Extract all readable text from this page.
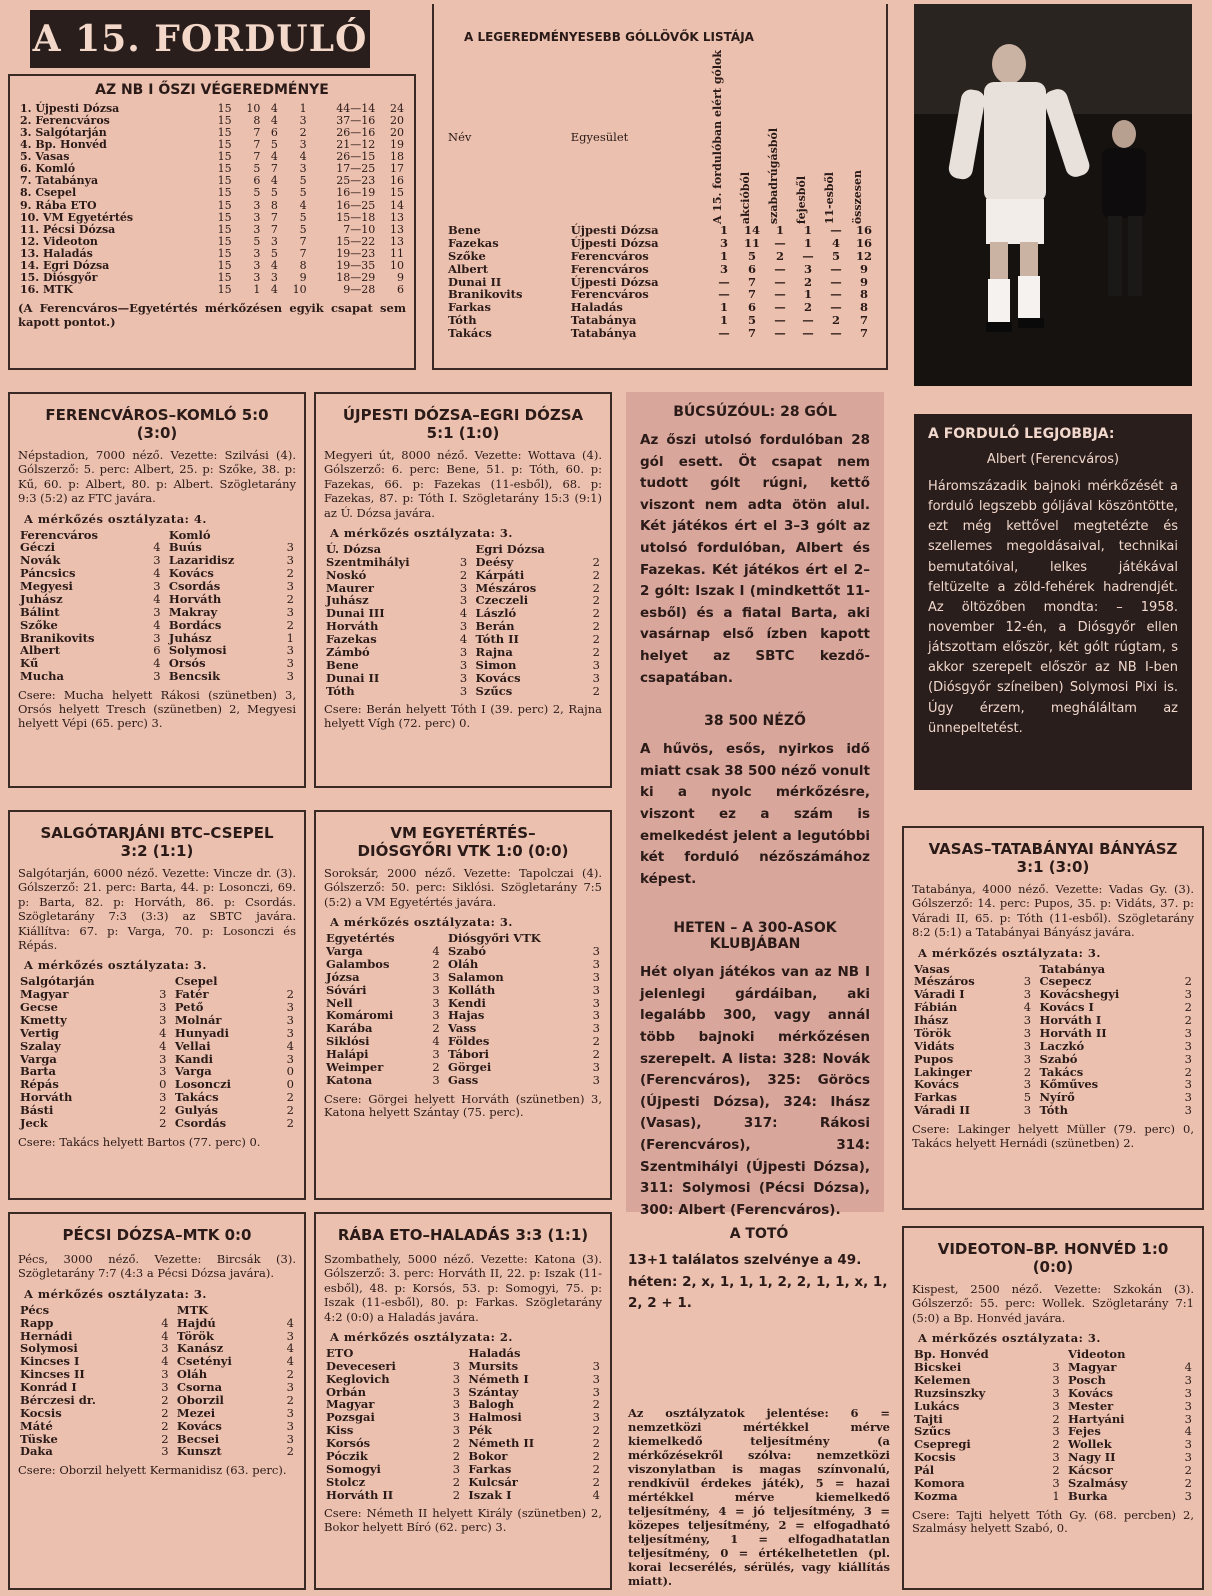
A 15. FORDULÓ
AZ NB I ŐSZI VÉGEREDMÉNYE
1. Újpesti Dózsa	15	10	4	1	44—14	24
2. Ferencváros	15	8	4	3	37—16	20
3. Salgótarján	15	7	6	2	26—16	20
4. Bp. Honvéd	15	7	5	3	21—12	19
5. Vasas	15	7	4	4	26—15	18
6. Komló	15	5	7	3	17—25	17
7. Tatabánya	15	6	4	5	25—23	16
8. Csepel	15	5	5	5	16—19	15
9. Rába ETO	15	3	8	4	16—25	14
10. VM Egyetértés	15	3	7	5	15—18	13
11. Pécsi Dózsa	15	3	7	5	7—10	13
12. Videoton	15	5	3	7	15—22	13
13. Haladás	15	3	5	7	19—23	11
14. Egri Dózsa	15	3	4	8	19—35	10
15. Diósgyőr	15	3	3	9	18—29	9
16. MTK	15	1	4	10	9—28	6
(A Ferencváros—Egyetértés mérkőzésen egyik csapat sem kapott pontot.)
A LEGEREDMÉNYESEBB GÓLLÖVŐK LISTÁJA
Név	Egyesület	A 15. fordulóban elért gólok	akcióból	szabadrúgásból	fejesből	11-esből	összesen

Bene	Újpesti Dózsa	1	14	1	1	—	16
Fazekas	Újpesti Dózsa	3	11	—	1	4	16
Szőke	Ferencváros	1	5	2	—	5	12
Albert	Ferencváros	3	6	—	3	—	9
Dunai II	Újpesti Dózsa	—	7	—	2	—	9
Branikovits	Ferencváros	—	7	—	1	—	8
Farkas	Haladás	1	6	—	2	—	8
Tóth	Tatabánya	1	5	—	—	2	7
Takács	Tatabánya	—	7	—	—	—	7
A FORDULÓ LEGJOBBJA:
Albert (Ferencváros)

Háromszázadik bajnoki mérkőzését a forduló legszebb góljával köszöntötte, ezt még kettővel megtetézte és szellemes megoldásaival, technikai bemutatóival, lelkes játékával feltüzelte a zöld-fehérek hadrendjét. Az öltözőben mondta: – 1958. november 12-én, a Diósgyőr ellen játszottam először, két gólt rúgtam, s akkor szerepelt először az NB I-ben (Diósgyőr színeiben) Solymosi Pixi is. Úgy érzem, megháláltam az ünnepeltetést.

BÚCSÚZÓUL: 28 GÓL

Az őszi utolsó fordulóban 28 gól esett. Öt csapat nem tudott gólt rúgni, kettő viszont nem adta ötön alul. Két játékos ért el 3–3 gólt az utolsó fordulóban, Albert és Fazekas. Két játékos ért el 2–2 gólt: Iszak I (mindkettőt 11-esből) és a fiatal Barta, aki vasárnap első ízben kapott helyet az SBTC kezdő-csapatában.

38 500 NÉZŐ

A hűvös, esős, nyirkos idő miatt csak 38 500 néző vonult ki a nyolc mérkőzésre, viszont ez a szám is emelkedést jelent a legutóbbi két forduló nézőszámához képest.

HETEN – A 300-ASOK KLUBJÁBAN

Hét olyan játékos van az NB I jelenlegi gárdáiban, aki legalább 300, vagy annál több bajnoki mérkőzésen szerepelt. A lista: 328: Novák (Ferencváros), 325: Göröcs (Újpesti Dózsa), 324: Ihász (Vasas), 317: Rákosi (Ferencváros), 314: Szentmihályi (Újpesti Dózsa), 311: Solymosi (Pécsi Dózsa), 300: Albert (Ferencváros).

A TOTÓ
13+1 találatos szelvénye a 49. héten: 2, x, 1, 1, 1, 2, 2, 1, 1, x, 1, 2, 2 + 1.
Az osztályzatok jelentése: 6 = nemzetközi mértékkel mérve kiemelkedő teljesítmény (a mérkőzésekről szólva: nemzetközi viszonylatban is magas színvonalú, rendkívül érdekes játék), 5 = hazai mértékkel mérve kiemelkedő teljesítmény, 4 = jó teljesítmény, 3 = közepes teljesítmény, 2 = elfogadható teljesítmény, 1 = elfogadhatatlan teljesítmény, 0 = értékelhetetlen (pl. korai lecserélés, sérülés, vagy kiállítás miatt).
FERENCVÁROS–KOMLÓ 5:0
(3:0)
Népstadion, 7000 néző. Vezette: Szilvási (4). Gólszerző: 5. perc: Albert, 25. p: Szőke, 38. p: Kű, 60. p: Albert, 80. p: Albert. Szögletarány 9:3 (5:2) az FTC javára.
A mérkőzés osztályzata: 4.
Ferencváros		Komló	
Géczi	4	Buús	3
Novák	3	Lazaridisz	3
Páncsics	4	Kovács	2
Megyesi	3	Csordás	3
Juhász	4	Horváth	2
Bálint	3	Makray	3
Szőke	4	Bordács	2
Branikovits	3	Juhász	1
Albert	6	Solymosi	3
Kű	4	Orsós	3
Mucha	3	Bencsik	3
Csere: Mucha helyett Rákosi (szünetben) 3, Orsós helyett Tresch (szünetben) 2, Megyesi helyett Vépi (65. perc) 3.
ÚJPESTI DÓZSA–EGRI DÓZSA
5:1 (1:0)
Megyeri út, 8000 néző. Vezette: Wottava (4). Gólszerző: 6. perc: Bene, 51. p: Tóth, 60. p: Fazekas, 66. p: Fazekas (11-esből), 68. p: Fazekas, 87. p: Tóth I. Szögletarány 15:3 (9:1) az Ú. Dózsa javára.
A mérkőzés osztályzata: 3.
Ú. Dózsa		Egri Dózsa	
Szentmihályi	3	Deésy	2
Noskó	2	Kárpáti	2
Maurer	3	Mészáros	2
Juhász	3	Czeczeli	2
Dunai III	4	László	2
Horváth	3	Berán	2
Fazekas	4	Tóth II	2
Zámbó	3	Rajna	2
Bene	3	Simon	3
Dunai II	3	Kovács	3
Tóth	3	Szűcs	2
Csere: Berán helyett Tóth I (39. perc) 2, Rajna helyett Vígh (72. perc) 0.
SALGÓTARJÁNI BTC–CSEPEL
3:2 (1:1)
Salgótarján, 6000 néző. Vezette: Vincze dr. (3). Gólszerző: 21. perc: Barta, 44. p: Losonczi, 69. p: Barta, 82. p: Horváth, 86. p: Csordás. Szögletarány 7:3 (3:3) az SBTC javára. Kiállítva: 67. p: Varga, 70. p: Losonczi és Répás.
A mérkőzés osztályzata: 3.
Salgótarján		Csepel	
Magyar	3	Fatér	2
Gecse	3	Pető	3
Kmetty	3	Molnár	3
Vertig	4	Hunyadi	3
Szalay	4	Vellai	4
Varga	3	Kandi	3
Barta	3	Varga	0
Répás	0	Losonczi	0
Horváth	3	Takács	2
Básti	2	Gulyás	2
Jeck	2	Csordás	2
Csere: Takács helyett Bartos (77. perc) 0.
VM EGYETÉRTÉS–
DIÓSGYŐRI VTK 1:0 (0:0)
Soroksár, 2000 néző. Vezette: Tapolczai (4). Gólszerző: 50. perc: Siklósi. Szögletarány 7:5 (5:2) a VM Egyetértés javára.
A mérkőzés osztályzata: 3.
Egyetértés		Diósgyőri VTK	
Varga	4	Szabó	3
Galambos	2	Oláh	3
Józsa	3	Salamon	3
Sóvári	3	Kolláth	3
Nell	3	Kendi	3
Komáromi	3	Hajas	3
Karába	2	Vass	3
Siklósi	4	Földes	2
Halápi	3	Tábori	2
Weimper	2	Görgei	3
Katona	3	Gass	3
Csere: Görgei helyett Horváth (szünetben) 3, Katona helyett Szántay (75. perc).
PÉCSI DÓZSA–MTK 0:0
Pécs, 3000 néző. Vezette: Bircsák (3). Szögletarány 7:7 (4:3 a Pécsi Dózsa javára).
A mérkőzés osztályzata: 3.
Pécs		MTK	
Rapp	4	Hajdú	4
Hernádi	4	Török	3
Solymosi	3	Kanász	4
Kincses I	4	Csetényi	4
Kincses II	3	Oláh	2
Konrád I	3	Csorna	3
Bérczesi dr.	2	Oborzil	2
Kocsis	2	Mezei	3
Máté	2	Kovács	3
Tüske	2	Becsei	3
Daka	3	Kunszt	2
Csere: Oborzil helyett Kermanidisz (63. perc).
RÁBA ETO–HALADÁS 3:3 (1:1)
Szombathely, 5000 néző. Vezette: Katona (3). Gólszerző: 3. perc: Horváth II, 22. p: Iszak (11-esből), 48. p: Korsós, 53. p: Somogyi, 75. p: Iszak (11-esből), 80. p: Farkas. Szögletarány 4:2 (0:0) a Haladás javára.
A mérkőzés osztályzata: 2.
ETO		Haladás	
Deveceseri	3	Mursits	3
Keglovich	3	Németh I	3
Orbán	3	Szántay	3
Magyar	3	Balogh	2
Pozsgai	3	Halmosi	3
Kiss	3	Pék	2
Korsós	2	Németh II	2
Póczik	2	Bokor	2
Somogyi	3	Farkas	2
Stolcz	2	Kulcsár	2
Horváth II	2	Iszak I	4
Csere: Németh II helyett Király (szünetben) 2, Bokor helyett Bíró (62. perc) 3.
VASAS–TATABÁNYAI BÁNYÁSZ
3:1 (3:0)
Tatabánya, 4000 néző. Vezette: Vadas Gy. (3). Gólszerző: 14. perc: Pupos, 35. p: Vidáts, 37. p: Váradi II, 65. p: Tóth (11-esből). Szögletarány 8:2 (5:1) a Tatabányai Bányász javára.
A mérkőzés osztályzata: 3.
Vasas		Tatabánya	
Mészáros	3	Csepecz	2
Váradi I	3	Kovácshegyi	3
Fábián	4	Kovács I	2
Ihász	3	Horváth I	2
Török	3	Horváth II	3
Vidáts	3	Laczkó	3
Pupos	3	Szabó	3
Lakinger	2	Takács	2
Kovács	3	Kőműves	3
Farkas	5	Nyírő	3
Váradi II	3	Tóth	3
Csere: Lakinger helyett Müller (79. perc) 0, Takács helyett Hernádi (szünetben) 2.
VIDEOTON–BP. HONVÉD 1:0
(0:0)
Kispest, 2500 néző. Vezette: Szkokán (3). Gólszerző: 55. perc: Wollek. Szögletarány 7:1 (5:0) a Bp. Honvéd javára.
A mérkőzés osztályzata: 3.
Bp. Honvéd		Videoton	
Bicskei	3	Magyar	4
Kelemen	3	Posch	3
Ruzsinszky	3	Kovács	3
Lukács	3	Mester	3
Tajti	2	Hartyáni	3
Szűcs	3	Fejes	4
Csepregi	2	Wollek	3
Kocsis	3	Nagy II	3
Pál	2	Kácsor	2
Komora	3	Szalmásy	2
Kozma	1	Burka	3
Csere: Tajti helyett Tóth Gy. (68. percben) 2, Szalmásy helyett Szabó, 0.
